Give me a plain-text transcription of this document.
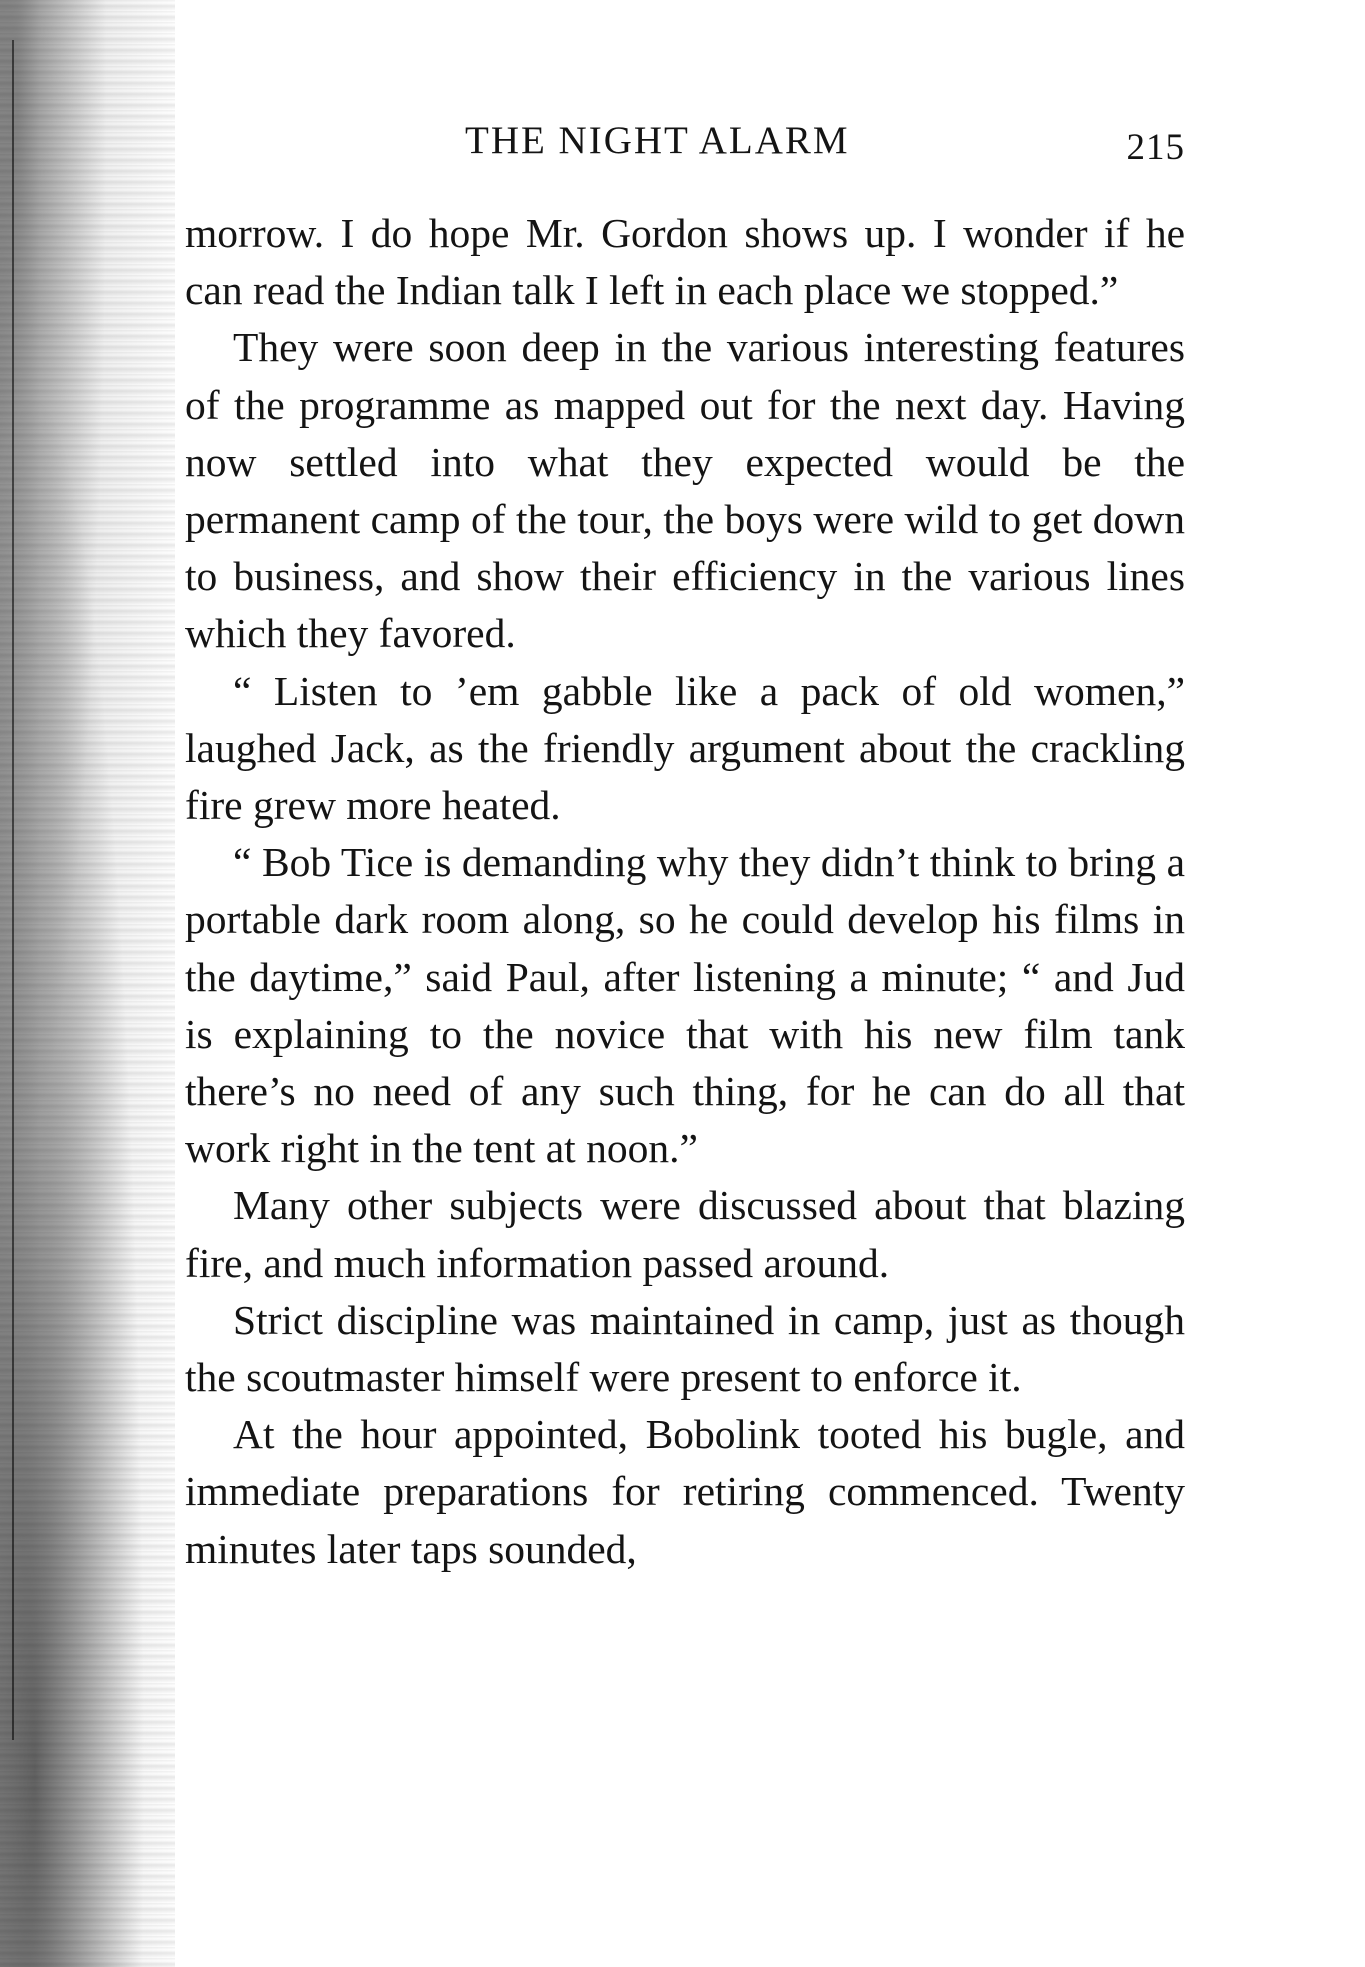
THE NIGHT ALARM	215

morrow. I do hope Mr. Gordon shows up. I wonder if he can read the Indian talk I left in each place we stopped.”

They were soon deep in the various interesting features of the programme as mapped out for the next day. Having now settled into what they expected would be the permanent camp of the tour, the boys were wild to get down to business, and show their efficiency in the various lines which they favored.

“ Listen to ’em gabble like a pack of old women,” laughed Jack, as the friendly argument about the crackling fire grew more heated.

“ Bob Tice is demanding why they didn’t think to bring a portable dark room along, so he could develop his films in the daytime,” said Paul, after listening a minute; “ and Jud is explaining to the novice that with his new film tank there’s no need of any such thing, for he can do all that work right in the tent at noon.”

Many other subjects were discussed about that blazing fire, and much information passed around.

Strict discipline was maintained in camp, just as though the scoutmaster himself were present to enforce it.

At the hour appointed, Bobolink tooted his bugle, and immediate preparations for retiring commenced. Twenty minutes later taps sounded,
